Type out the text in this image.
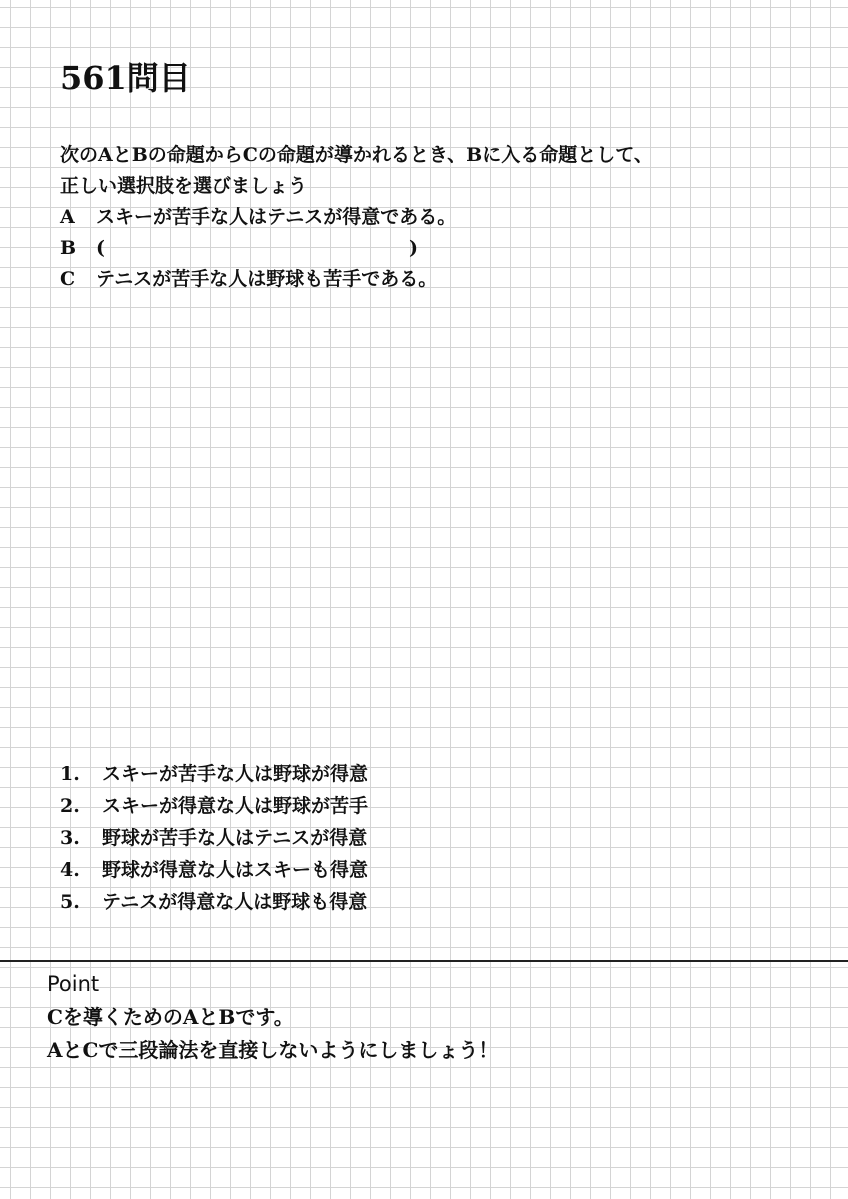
561問目
次のAとBの命題からCの命題が導かれるとき、Bに入る命題として、
正しい選択肢を選びましょう
A スキーが苦手な人はテニスが得意である。
B (	)
C テニスが苦手な人は野球も苦手である。
1. スキーが苦手な人は野球が得意
2. スキーが得意な人は野球が苦手
3. 野球が苦手な人はテニスが得意
4. 野球が得意な人はスキーも得意
5. テニスが得意な人は野球も得意
Point
Cを導くためのAとBです。
AとCで三段論法を直接しないようにしましょう！
